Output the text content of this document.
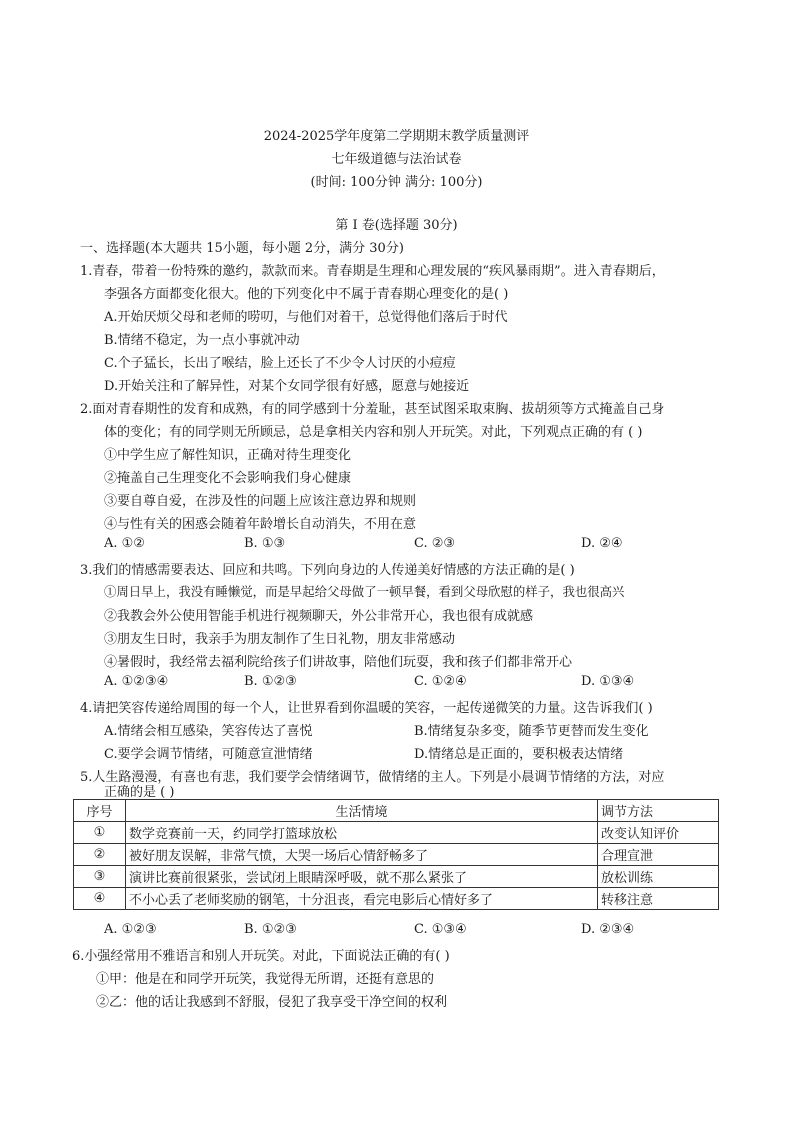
2024-2025学年度第二学期期末教学质量测评
七年级道德与法治试卷
(时间: 100分钟 满分: 100分)
第 I 卷(选择题 30分)
一、选择题(本大题共 15小题，每小题 2分，满分 30分)
1.青春，带着一份特殊的邀约，款款而来。青春期是生理和心理发展的“疾风暴雨期”。进入青春期后，
李强各方面都变化很大。他的下列变化中不属于青春期心理变化的是( )
A.开始厌烦父母和老师的唠叨，与他们对着干，总觉得他们落后于时代
B.情绪不稳定，为一点小事就冲动
C.个子猛长，长出了喉结，脸上还长了不少令人讨厌的小痘痘
D.开始关注和了解异性，对某个女同学很有好感，愿意与她接近
2.面对青春期性的发育和成熟，有的同学感到十分羞耻，甚至试图采取束胸、拔胡须等方式掩盖自己身
体的变化；有的同学则无所顾忌，总是拿相关内容和别人开玩笑。对此，下列观点正确的有 ( )
①中学生应了解性知识，正确对待生理变化
②掩盖自己生理变化不会影响我们身心健康
③要自尊自爱，在涉及性的问题上应该注意边界和规则
④与性有关的困惑会随着年龄增长自动消失，不用在意
A. ①②	B. ①③	C. ②③	D. ②④
3.我们的情感需要表达、回应和共鸣。下列向身边的人传递美好情感的方法正确的是( )
①周日早上，我没有睡懒觉，而是早起给父母做了一顿早餐，看到父母欣慰的样子，我也很高兴
②我教会外公使用智能手机进行视频聊天，外公非常开心，我也很有成就感
③朋友生日时，我亲手为朋友制作了生日礼物，朋友非常感动
④暑假时，我经常去福利院给孩子们讲故事，陪他们玩耍，我和孩子们都非常开心
A. ①②③④	B. ①②③	C. ①②④	D. ①③④
4.请把笑容传递给周围的每一个人，让世界看到你温暖的笑容，一起传递微笑的力量。这告诉我们( )
A.情绪会相互感染，笑容传达了喜悦	B.情绪复杂多变，随季节更替而发生变化
C.要学会调节情绪，可随意宣泄情绪	D.情绪总是正面的，要积极表达情绪
5.人生路漫漫，有喜也有悲，我们要学会情绪调节，做情绪的主人。下列是小晨调节情绪的方法，对应
正确的是 ( )
序号	生活情境	调节方法
①	数学竞赛前一天，约同学打篮球放松	改变认知评价
②	被好朋友误解，非常气愤，大哭一场后心情舒畅多了	合理宣泄
③	演讲比赛前很紧张，尝试闭上眼睛深呼吸，就不那么紧张了	放松训练
④	不小心丢了老师奖励的钢笔，十分沮丧，看完电影后心情好多了	转移注意
A. ①②③	B. ①②③	C. ①③④	D. ②③④
6.小强经常用不雅语言和别人开玩笑。对此，下面说法正确的有( )
①甲：他是在和同学开玩笑，我觉得无所谓，还挺有意思的
②乙：他的话让我感到不舒服，侵犯了我享受干净空间的权利
